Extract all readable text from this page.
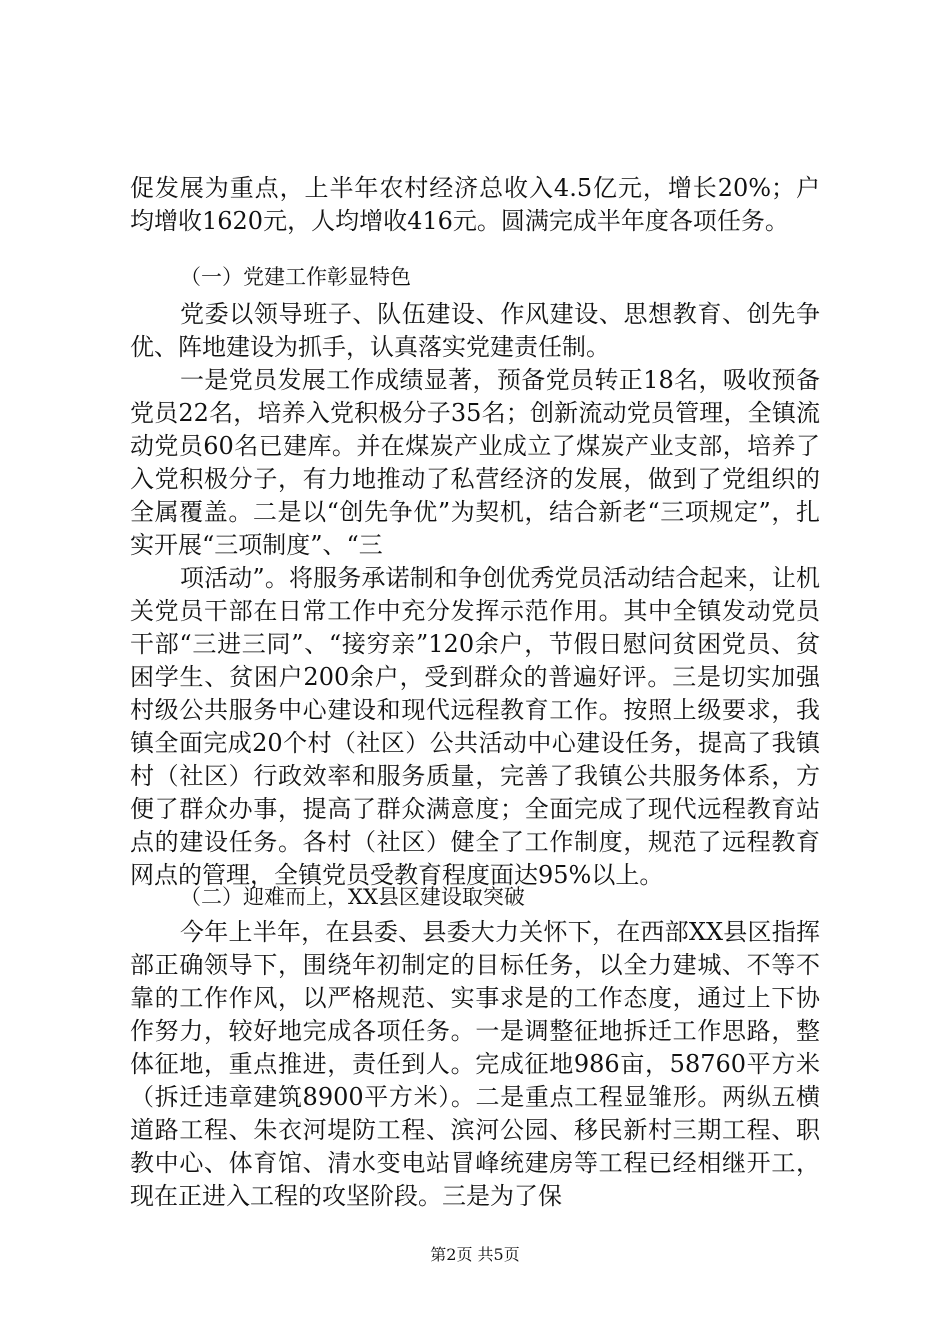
促发展为重点，上半年农村经济总收入4.5亿元，增长20%；户均增收1620元，人均增收416元。圆满完成半年度各项任务。

（一）党建工作彰显特色

党委以领导班子、队伍建设、作风建设、思想教育、创先争优、阵地建设为抓手，认真落实党建责任制。

一是党员发展工作成绩显著，预备党员转正18名，吸收预备党员22名，培养入党积极分子35名；创新流动党员管理，全镇流动党员60名已建库。并在煤炭产业成立了煤炭产业支部，培养了入党积极分子，有力地推动了私营经济的发展，做到了党组织的全属覆盖。二是以“创先争优”为契机，结合新老“三项规定”，扎实开展“三项制度”、“三

项活动”。将服务承诺制和争创优秀党员活动结合起来，让机关党员干部在日常工作中充分发挥示范作用。其中全镇发动党员干部“三进三同”、“接穷亲”120余户，节假日慰问贫困党员、贫困学生、贫困户200余户，受到群众的普遍好评。三是切实加强村级公共服务中心建设和现代远程教育工作。按照上级要求，我镇全面完成20个村（社区）公共活动中心建设任务，提高了我镇村（社区）行政效率和服务质量，完善了我镇公共服务体系，方便了群众办事，提高了群众满意度；全面完成了现代远程教育站点的建设任务。各村（社区）健全了工作制度，规范了远程教育网点的管理，全镇党员受教育程度面达95%以上。

（二）迎难而上，XX县区建设取突破

今年上半年，在县委、县委大力关怀下，在西部XX县区指挥部正确领导下，围绕年初制定的目标任务，以全力建城、不等不靠的工作作风，以严格规范、实事求是的工作态度，通过上下协作努力，较好地完成各项任务。一是调整征地拆迁工作思路，整体征地，重点推进，责任到人。完成征地986亩，58760平方米（拆迁违章建筑8900平方米）。二是重点工程显雏形。两纵五横道路工程、朱衣河堤防工程、滨河公园、移民新村三期工程、职教中心、体育馆、清水变电站冒峰统建房等工程已经相继开工，现在正进入工程的攻坚阶段。三是为了保

第2页 共5页
